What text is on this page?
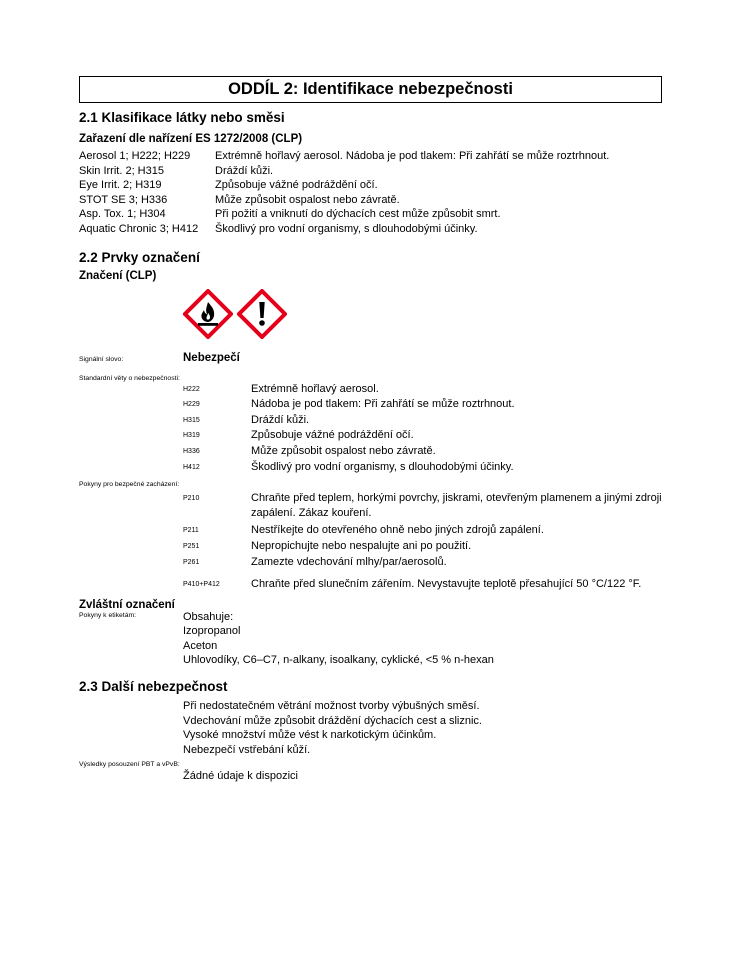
ODDÍL 2: Identifikace nebezpečnosti
2.1 Klasifikace látky nebo směsi
Zařazení dle nařízení ES 1272/2008 (CLP)
Aerosol 1; H222; H229	Extrémně hořlavý aerosol. Nádoba je pod tlakem: Při zahřátí se může roztrhnout.
Skin Irrit. 2; H315	Dráždí kůži.
Eye Irrit. 2; H319	Způsobuje vážné podráždění očí.
STOT SE 3; H336	Může způsobit ospalost nebo závratě.
Asp. Tox. 1; H304	Při požití a vniknutí do dýchacích cest může způsobit smrt.
Aquatic Chronic 3; H412	Škodlivý pro vodní organismy, s dlouhodobými účinky.
2.2 Prvky označení
Značení (CLP)
Signální slovo:	Nebezpečí
Standardní věty o nebezpečnosti:
H222	Extrémně hořlavý aerosol.
H229	Nádoba je pod tlakem: Při zahřátí se může roztrhnout.
H315	Dráždí kůži.
H319	Způsobuje vážné podráždění očí.
H336	Může způsobit ospalost nebo závratě.
H412	Škodlivý pro vodní organismy, s dlouhodobými účinky.
Pokyny pro bezpečné zacházení:
P210	Chraňte před teplem, horkými povrchy, jiskrami, otevřeným plamenem a jinými zdroji zapálení. Zákaz kouření.
P211	Nestříkejte do otevřeného ohně nebo jiných zdrojů zapálení.
P251	Nepropichujte nebo nespalujte ani po použití.
P261	Zamezte vdechování mlhy/par/aerosolů.
P410+P412	Chraňte před slunečním zářením. Nevystavujte teplotě přesahující 50 °C/122 °F.
Zvláštní označení
Pokyny k etiketám:	Obsahuje:
Izopropanol
Aceton
Uhlovodíky, C6–C7, n-alkany, isoalkany, cyklické, <5 % n-hexan
2.3 Další nebezpečnost
Při nedostatečném větrání možnost tvorby výbušných směsí.
Vdechování může způsobit dráždění dýchacích cest a sliznic.
Vysoké množství může vést k narkotickým účinkům.
Nebezpečí vstřebání kůží.
Výsledky posouzení PBT a vPvB:
Žádné údaje k dispozici
